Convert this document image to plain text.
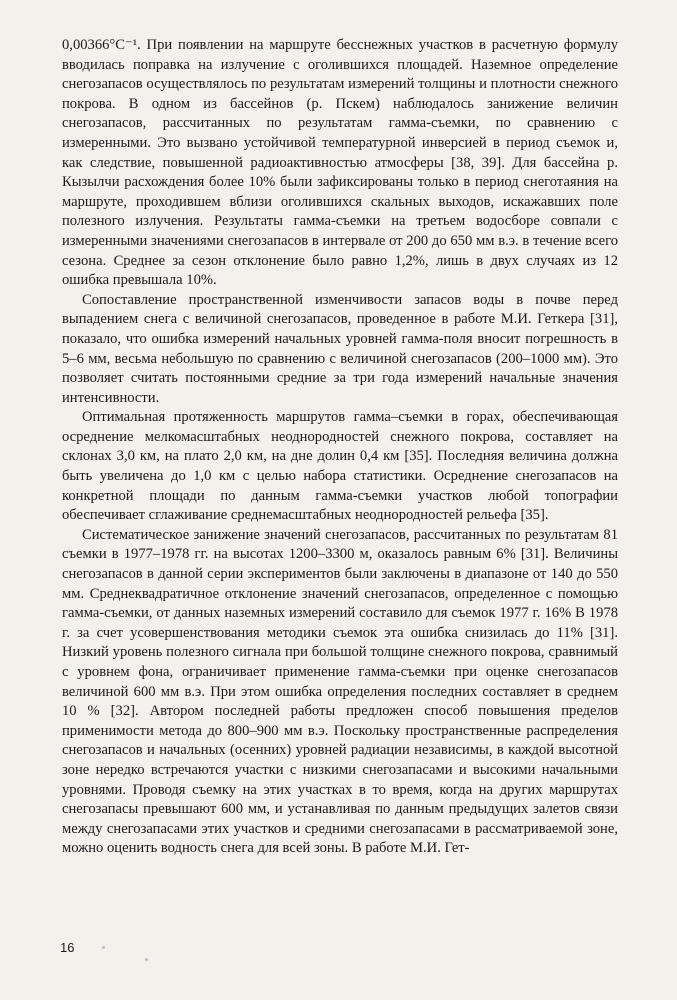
0,00366°С⁻¹. При появлении на маршруте бесснежных участков в расчетную формулу вводилась поправка на излучение с оголившихся площадей. Наземное определение снегозапасов осуществлялось по результатам измерений толщины и плотности снежного покрова. В одном из бассейнов (р. Пскем) наблюдалось занижение величин снегозапасов, рассчитанных по результатам гамма-съемки, по сравнению с измеренными. Это вызвано устойчивой температурной инверсией в период съемок и, как следствие, повышенной радиоактивностью атмосферы [38, 39]. Для бассейна р. Кызылчи расхождения более 10% были зафиксированы только в период снеготаяния на маршруте, проходившем вблизи оголившихся скальных выходов, искажавших поле полезного излучения. Результаты гамма-съемки на третьем водосборе совпали с измеренными значениями снегозапасов в интервале от 200 до 650 мм в.э. в течение всего сезона. Среднее за сезон отклонение было равно 1,2%, лишь в двух случаях из 12 ошибка превышала 10%.

Сопоставление пространственной изменчивости запасов воды в почве перед выпадением снега с величиной снегозапасов, проведенное в работе М.И. Геткера [31], показало, что ошибка измерений начальных уровней гамма-поля вносит погрешность в 5–6 мм, весьма небольшую по сравнению с величиной снегозапасов (200–1000 мм). Это позволяет считать постоянными средние за три года измерений начальные значения интенсивности.

Оптимальная протяженность маршрутов гамма–съемки в горах, обеспечивающая осреднение мелкомасштабных неоднородностей снежного покрова, составляет на склонах 3,0 км, на плато 2,0 км, на дне долин 0,4 км [35]. Последняя величина должна быть увеличена до 1,0 км с целью набора статистики. Осреднение снегозапасов на конкретной площади по данным гамма-съемки участков любой топографии обеспечивает сглаживание среднемасштабных неоднородностей рельефа [35].

Систематическое занижение значений снегозапасов, рассчитанных по результатам 81 съемки в 1977–1978 гг. на высотах 1200–3300 м, оказалось равным 6% [31]. Величины снегозапасов в данной серии экспериментов были заключены в диапазоне от 140 до 550 мм. Среднеквадратичное отклонение значений снегозапасов, определенное с помощью гамма-съемки, от данных наземных измерений составило для съемок 1977 г. 16% В 1978 г. за счет усовершенствования методики съемок эта ошибка снизилась до 11% [31]. Низкий уровень полезного сигнала при большой толщине снежного покрова, сравнимый с уровнем фона, ограничивает применение гамма-съемки при оценке снегозапасов величиной 600 мм в.э. При этом ошибка определения последних составляет в среднем 10 % [32]. Автором последней работы предложен способ повышения пределов применимости метода до 800–900 мм в.э. Поскольку пространственные распределения снегозапасов и начальных (осенних) уровней радиации независимы, в каждой высотной зоне нередко встречаются участки с низкими снегозапасами и высокими начальными уровнями. Проводя съемку на этих участках в то время, когда на других маршрутах снегозапасы превышают 600 мм, и устанавливая по данным предыдущих залетов связи между снегозапасами этих участков и средними снегозапасами в рассматриваемой зоне, можно оценить водность снега для всей зоны. В работе М.И. Гет-

16
